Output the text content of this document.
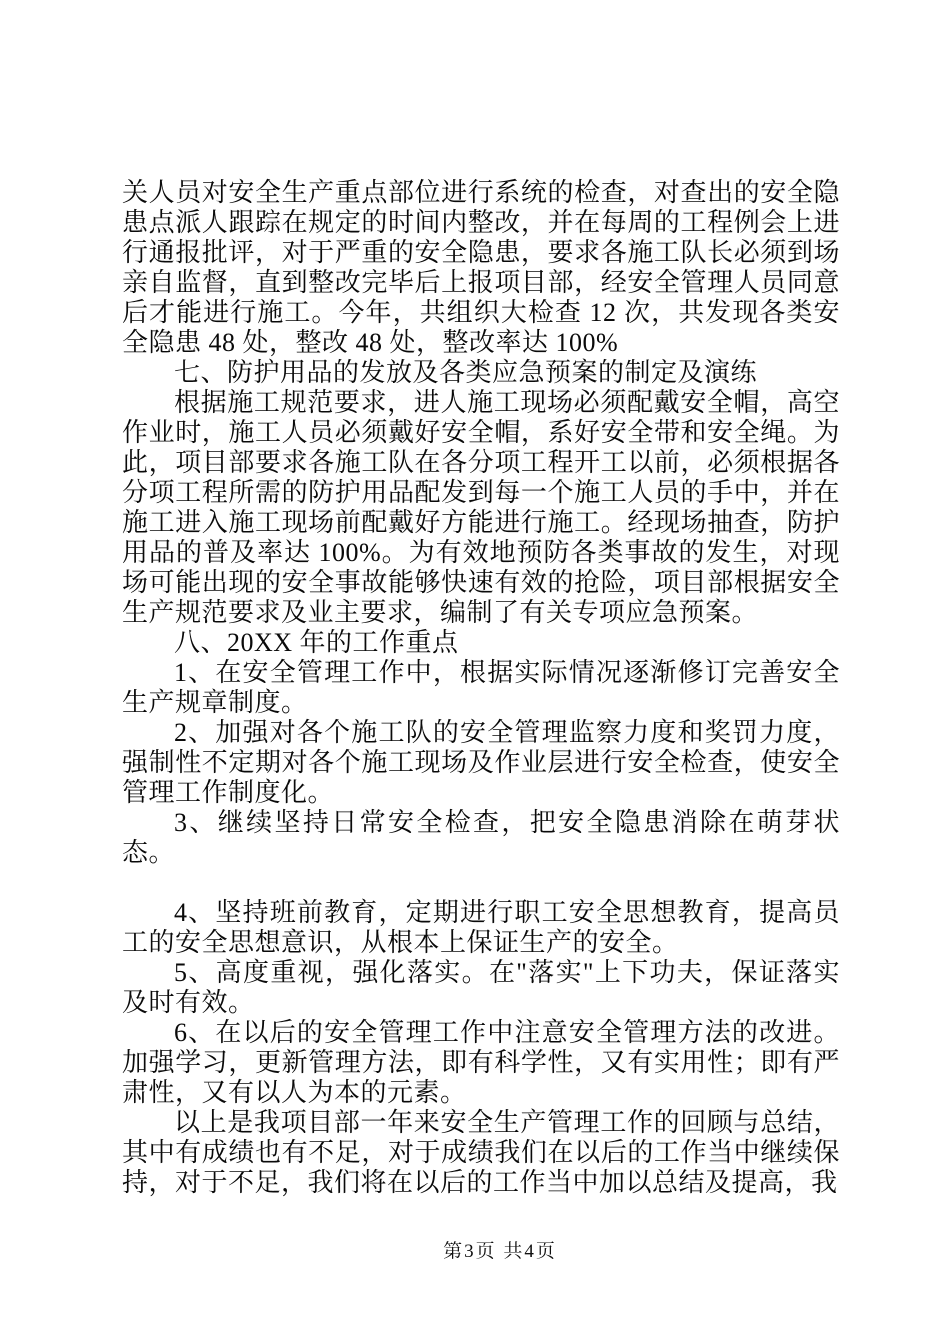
关人员对安全生产重点部位进行系统的检查，对查出的安全隐患点派人跟踪在规定的时间内整改，并在每周的工程例会上进行通报批评，对于严重的安全隐患，要求各施工队长必须到场亲自监督，直到整改完毕后上报项目部，经安全管理人员同意后才能进行施工。今年，共组织大检查 12 次，共发现各类安全隐患 48 处，整改 48 处，整改率达 100%

七、防护用品的发放及各类应急预案的制定及演练

根据施工规范要求，进人施工现场必须配戴安全帽，高空作业时，施工人员必须戴好安全帽，系好安全带和安全绳。为此，项目部要求各施工队在各分项工程开工以前，必须根据各分项工程所需的防护用品配发到每一个施工人员的手中，并在施工进入施工现场前配戴好方能进行施工。经现场抽查，防护用品的普及率达 100%。为有效地预防各类事故的发生，对现场可能出现的安全事故能够快速有效的抢险，项目部根据安全生产规范要求及业主要求，编制了有关专项应急预案。

八、20XX 年的工作重点

1、在安全管理工作中，根据实际情况逐渐修订完善安全生产规章制度。

2、加强对各个施工队的安全管理监察力度和奖罚力度，强制性不定期对各个施工现场及作业层进行安全检查，使安全管理工作制度化。

3、继续坚持日常安全检查，把安全隐患消除在萌芽状态。

4、坚持班前教育，定期进行职工安全思想教育，提高员工的安全思想意识，从根本上保证生产的安全。

5、高度重视，强化落实。在"落实"上下功夫，保证落实及时有效。

6、在以后的安全管理工作中注意安全管理方法的改进。加强学习，更新管理方法，即有科学性，又有实用性；即有严肃性，又有以人为本的元素。

以上是我项目部一年来安全生产管理工作的回顾与总结，其中有成绩也有不足，对于成绩我们在以后的工作当中继续保持，对于不足，我们将在以后的工作当中加以总结及提高，我

第3页 共4页
